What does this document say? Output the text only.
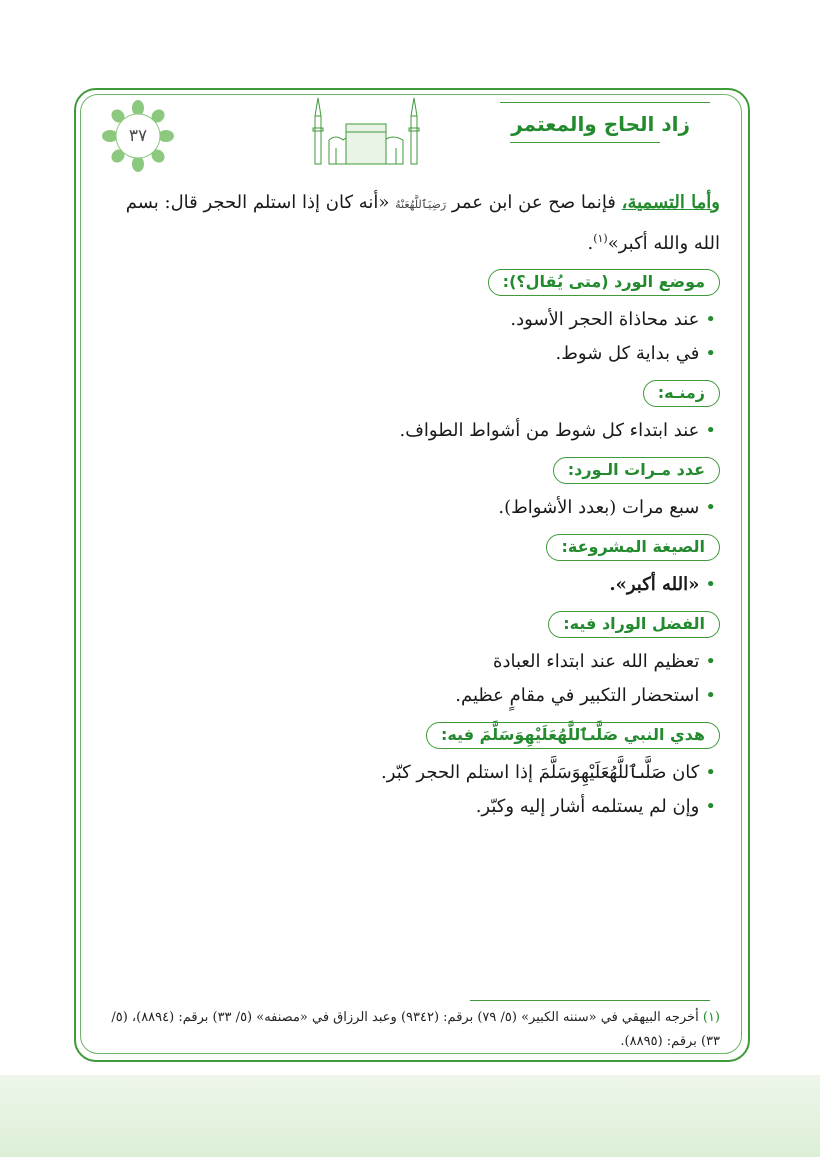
زاد الحاج والمعتمر
٣٧

وأما التسمية، فإنما صح عن ابن عمر رَضِيَٱللَّهُعَنْهُ «أنه كان إذا استلم الحجر قال: بسم الله والله أكبر»$^{(١)}$.

موضع الورد (متى يُقال؟):
•عند محاذاة الحجر الأسود.
•في بداية كل شوط.
زمنـه:
•عند ابتداء كل شوط من أشواط الطواف.
عدد مـرات الـورد:
•سبع مرات (بعدد الأشواط).
الصيغة المشروعة:
•«الله أكبر».
الفضل الوراد فيه:
•تعظيم الله عند ابتداء العبادة
•استحضار التكبير في مقامٍ عظيم.
هدي النبي صَلَّىٱللَّهُعَلَيْهِوَسَلَّمَ فيه:
•كان صَلَّىٱللَّهُعَلَيْهِوَسَلَّمَ إذا استلم الحجر كبّر.
•وإن لم يستلمه أشار إليه وكبّر.
(١) أخرجه البيهقي في «سننه الكبير» (٥/ ٧٩) برقم: (٩٣٤٢) وعبد الرزاق في «مصنفه» (٥/ ٣٣) برقم: (٨٨٩٤)، (٥/ ٣٣) برقم: (٨٨٩٥).
